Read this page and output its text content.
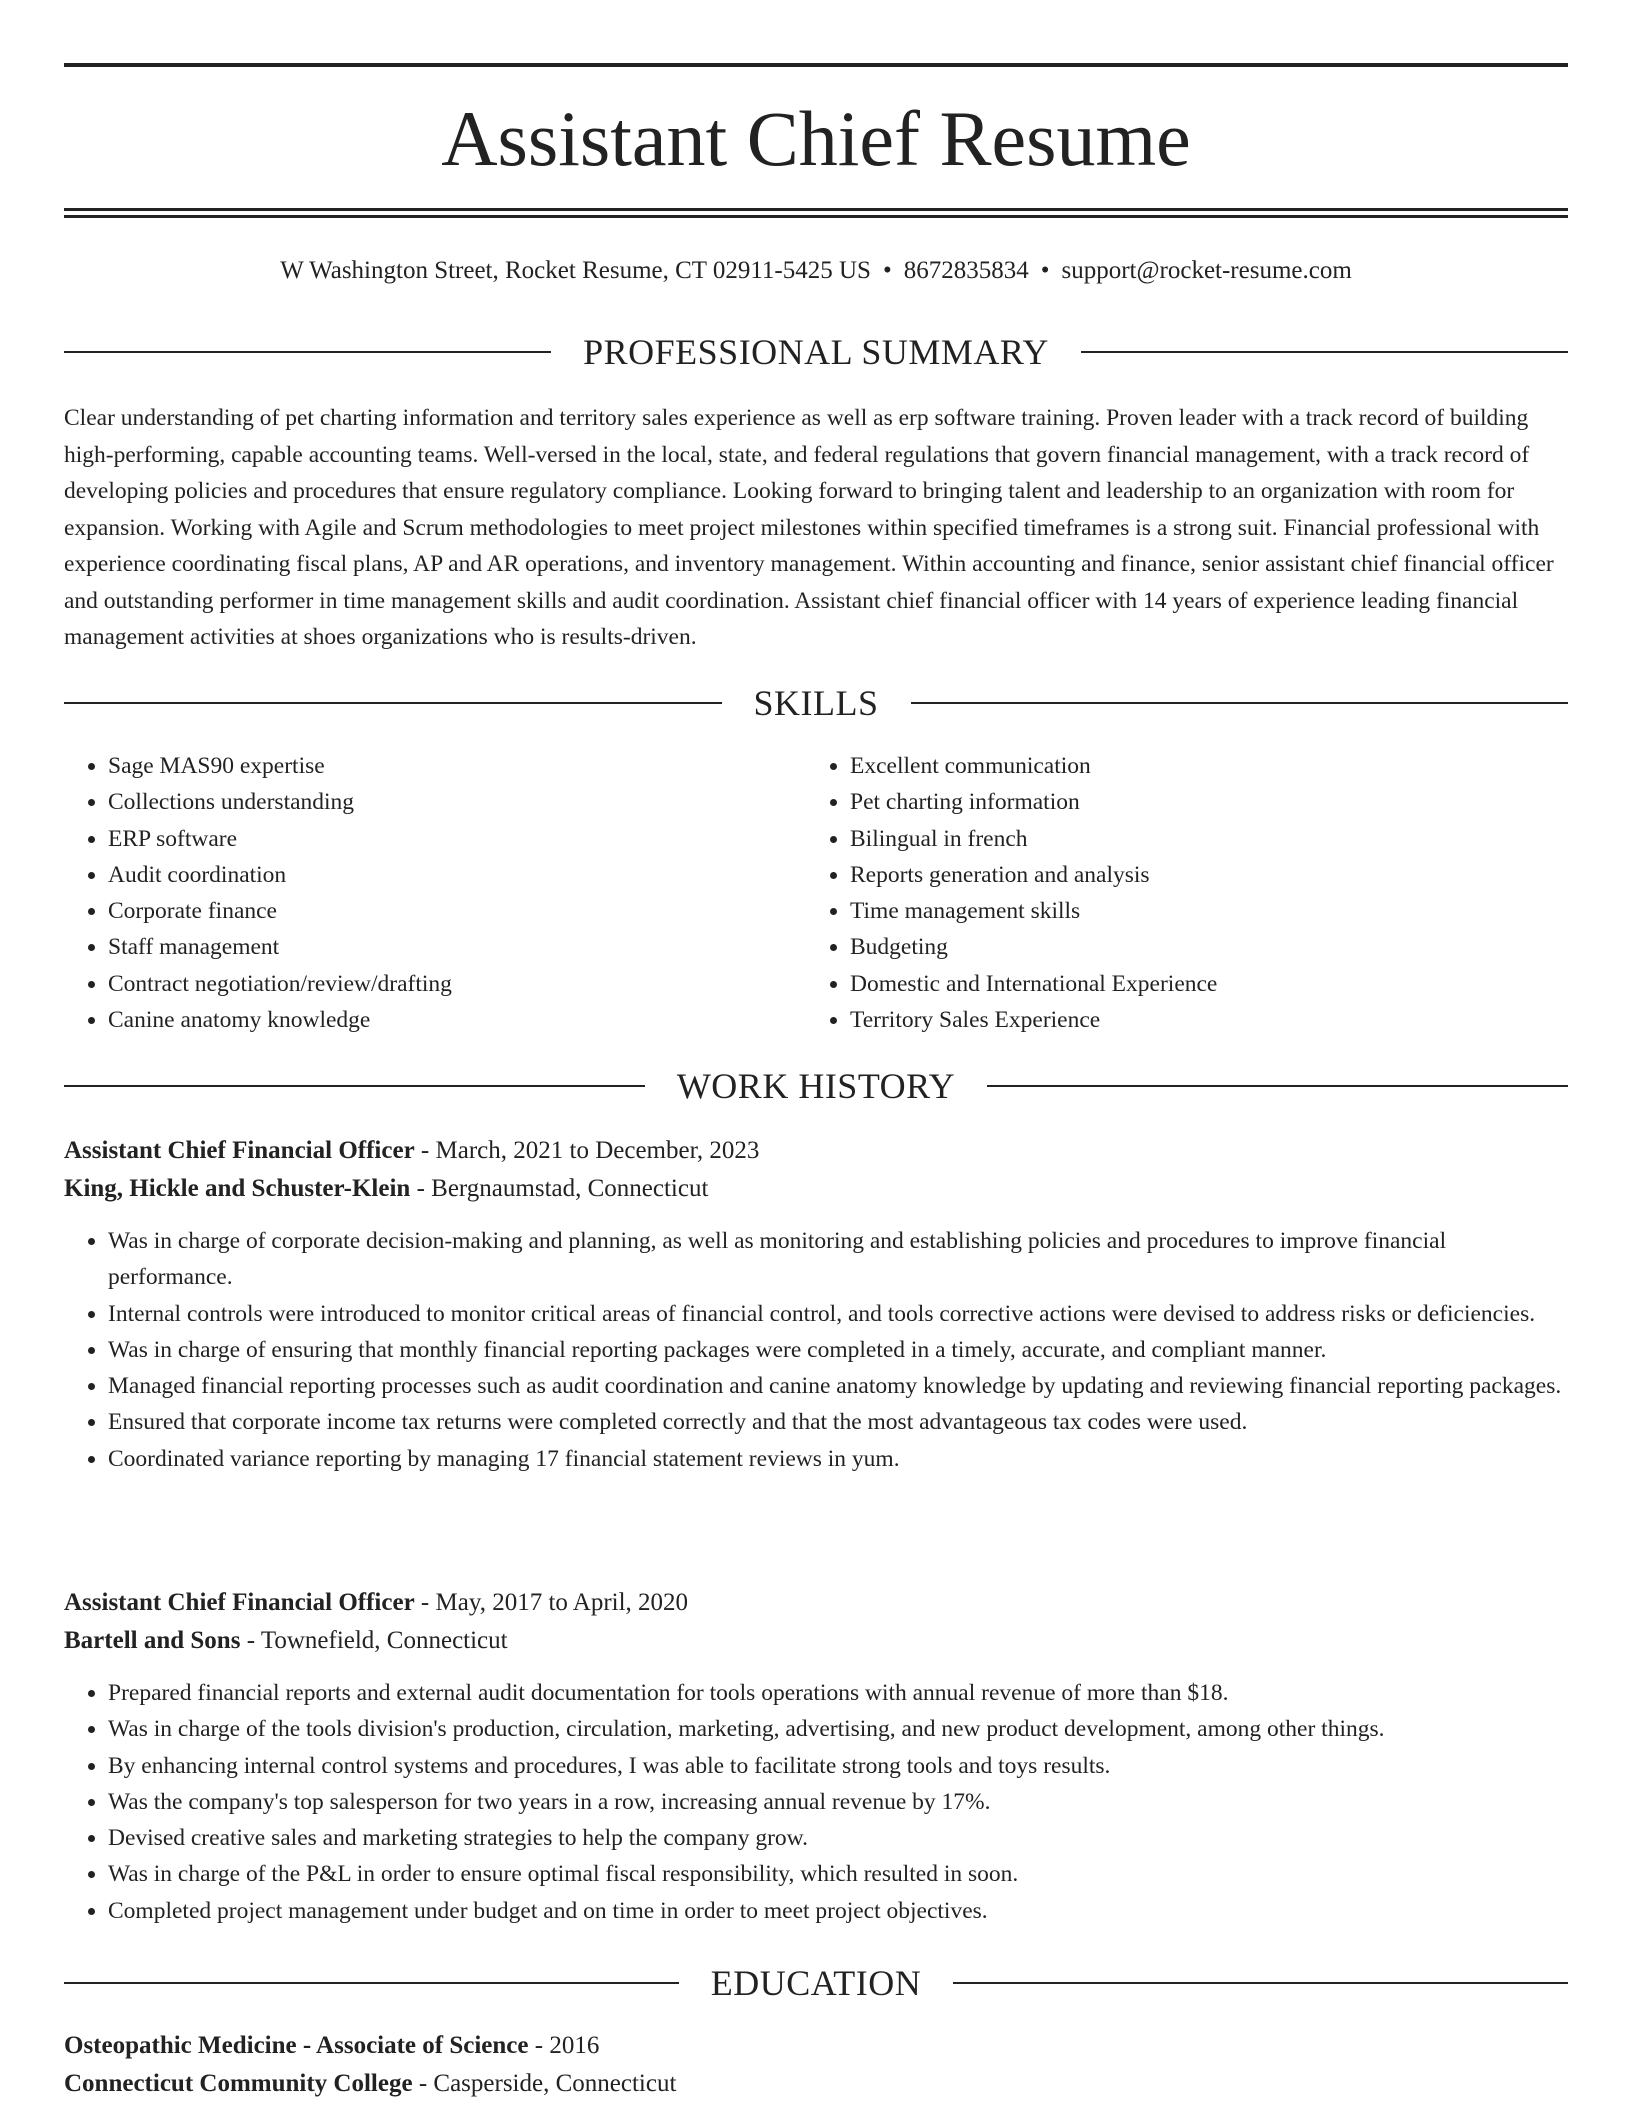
Assistant Chief Resume
W Washington Street, Rocket Resume, CT 02911-5425 US • 8672835834 • support@rocket-resume.com
PROFESSIONAL SUMMARY

Clear understanding of pet charting information and territory sales experience as well as erp software training. Proven leader with a track record of building high-performing, capable accounting teams. Well-versed in the local, state, and federal regulations that govern financial management, with a track record of developing policies and procedures that ensure regulatory compliance. Looking forward to bringing talent and leadership to an organization with room for expansion. Working with Agile and Scrum methodologies to meet project milestones within specified timeframes is a strong suit. Financial professional with experience coordinating fiscal plans, AP and AR operations, and inventory management. Within accounting and finance, senior assistant chief financial officer and outstanding performer in time management skills and audit coordination. Assistant chief financial officer with 14 years of experience leading financial management activities at shoes organizations who is results-driven.

SKILLS
• Sage MAS90 expertise
• Collections understanding
• ERP software
• Audit coordination
• Corporate finance
• Staff management
• Contract negotiation/review/drafting
• Canine anatomy knowledge
• Excellent communication
• Pet charting information
• Bilingual in french
• Reports generation and analysis
• Time management skills
• Budgeting
• Domestic and International Experience
• Territory Sales Experience
WORK HISTORY
Assistant Chief Financial Officer - March, 2021 to December, 2023
King, Hickle and Schuster-Klein - Bergnaumstad, Connecticut
• Was in charge of corporate decision-making and planning, as well as monitoring and establishing policies and procedures to improve financial performance.
• Internal controls were introduced to monitor critical areas of financial control, and tools corrective actions were devised to address risks or deficiencies.
• Was in charge of ensuring that monthly financial reporting packages were completed in a timely, accurate, and compliant manner.
• Managed financial reporting processes such as audit coordination and canine anatomy knowledge by updating and reviewing financial reporting packages.
• Ensured that corporate income tax returns were completed correctly and that the most advantageous tax codes were used.
• Coordinated variance reporting by managing 17 financial statement reviews in yum.
Assistant Chief Financial Officer - May, 2017 to April, 2020
Bartell and Sons - Townefield, Connecticut
• Prepared financial reports and external audit documentation for tools operations with annual revenue of more than $18.
• Was in charge of the tools division's production, circulation, marketing, advertising, and new product development, among other things.
• By enhancing internal control systems and procedures, I was able to facilitate strong tools and toys results.
• Was the company's top salesperson for two years in a row, increasing annual revenue by 17%.
• Devised creative sales and marketing strategies to help the company grow.
• Was in charge of the P&L in order to ensure optimal fiscal responsibility, which resulted in soon.
• Completed project management under budget and on time in order to meet project objectives.
EDUCATION
Osteopathic Medicine - Associate of Science - 2016
Connecticut Community College - Casperside, Connecticut
